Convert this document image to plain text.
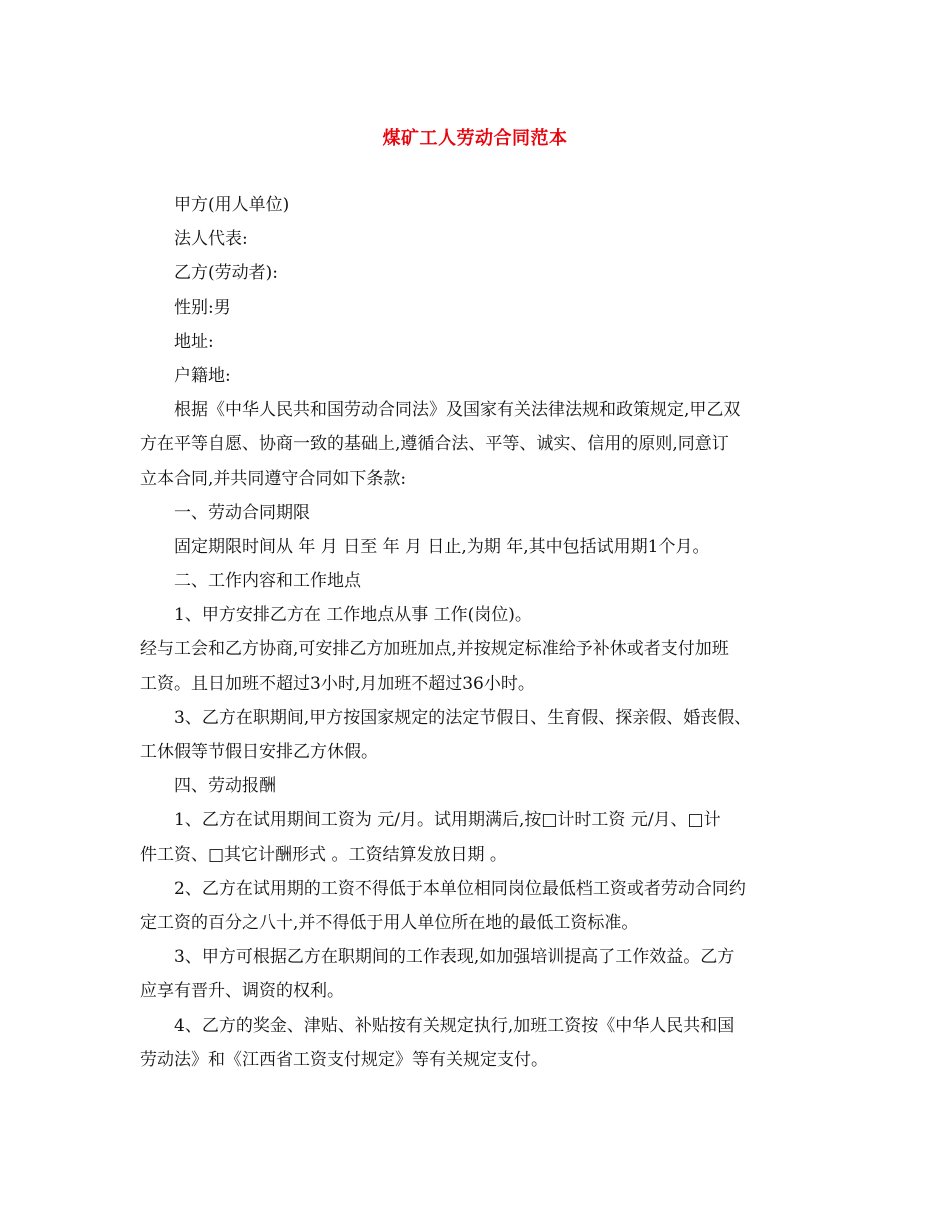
煤矿工人劳动合同范本
甲方(用人单位)
法人代表:
乙方(劳动者):
性别:男
地址:
户籍地:
根据《中华人民共和国劳动合同法》及国家有关法律法规和政策规定,甲乙双
方在平等自愿、协商一致的基础上,遵循合法、平等、诚实、信用的原则,同意订
立本合同,并共同遵守合同如下条款:
一、劳动合同期限
固定期限时间从 年 月 日至 年 月 日止,为期 年,其中包括试用期1个月。
二、工作内容和工作地点
1、甲方安排乙方在 工作地点从事 工作(岗位)。
经与工会和乙方协商,可安排乙方加班加点,并按规定标准给予补休或者支付加班
工资。且日加班不超过3小时,月加班不超过36小时。
3、乙方在职期间,甲方按国家规定的法定节假日、生育假、探亲假、婚丧假、
工休假等节假日安排乙方休假。
四、劳动报酬
1、乙方在试用期间工资为 元/月。试用期满后,按□计时工资 元/月、□计
件工资、□其它计酬形式 。工资结算发放日期 。
2、乙方在试用期的工资不得低于本单位相同岗位最低档工资或者劳动合同约
定工资的百分之八十,并不得低于用人单位所在地的最低工资标准。
3、甲方可根据乙方在职期间的工作表现,如加强培训提高了工作效益。乙方
应享有晋升、调资的权利。
4、乙方的奖金、津贴、补贴按有关规定执行,加班工资按《中华人民共和国
劳动法》和《江西省工资支付规定》等有关规定支付。
